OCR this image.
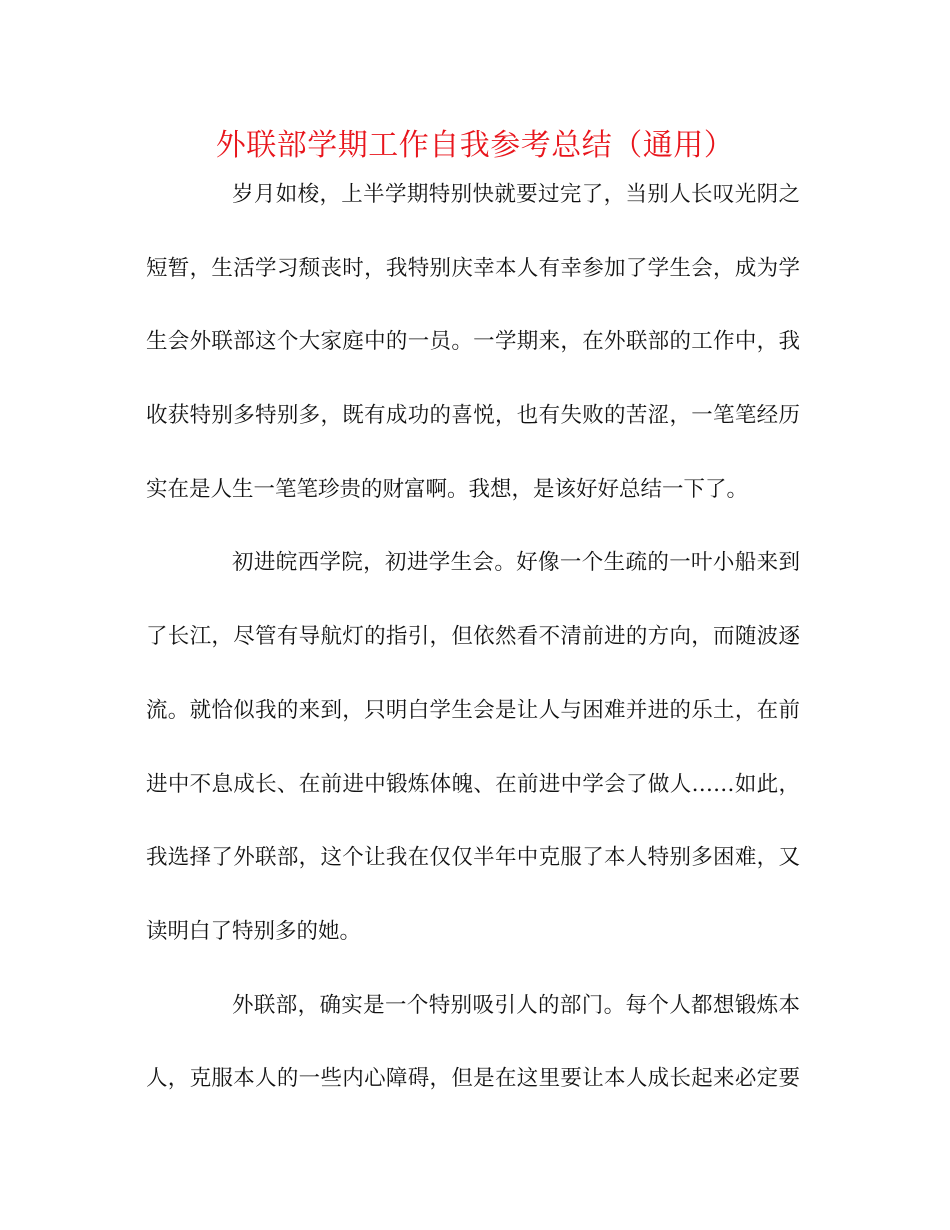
外联部学期工作自我参考总结（通用）
岁月如梭，上半学期特别快就要过完了，当别人长叹光阴之
短暂，生活学习颓丧时，我特别庆幸本人有幸参加了学生会，成为学
生会外联部这个大家庭中的一员。一学期来，在外联部的工作中，我
收获特别多特别多，既有成功的喜悦，也有失败的苦涩，一笔笔经历
实在是人生一笔笔珍贵的财富啊。我想，是该好好总结一下了。
初进皖西学院，初进学生会。好像一个生疏的一叶小船来到
了长江，尽管有导航灯的指引，但依然看不清前进的方向，而随波逐
流。就恰似我的来到，只明白学生会是让人与困难并进的乐土，在前
进中不息成长、在前进中锻炼体魄、在前进中学会了做人……如此，
我选择了外联部，这个让我在仅仅半年中克服了本人特别多困难，又
读明白了特别多的她。
外联部，确实是一个特别吸引人的部门。每个人都想锻炼本
人，克服本人的一些内心障碍，但是在这里要让本人成长起来必定要
